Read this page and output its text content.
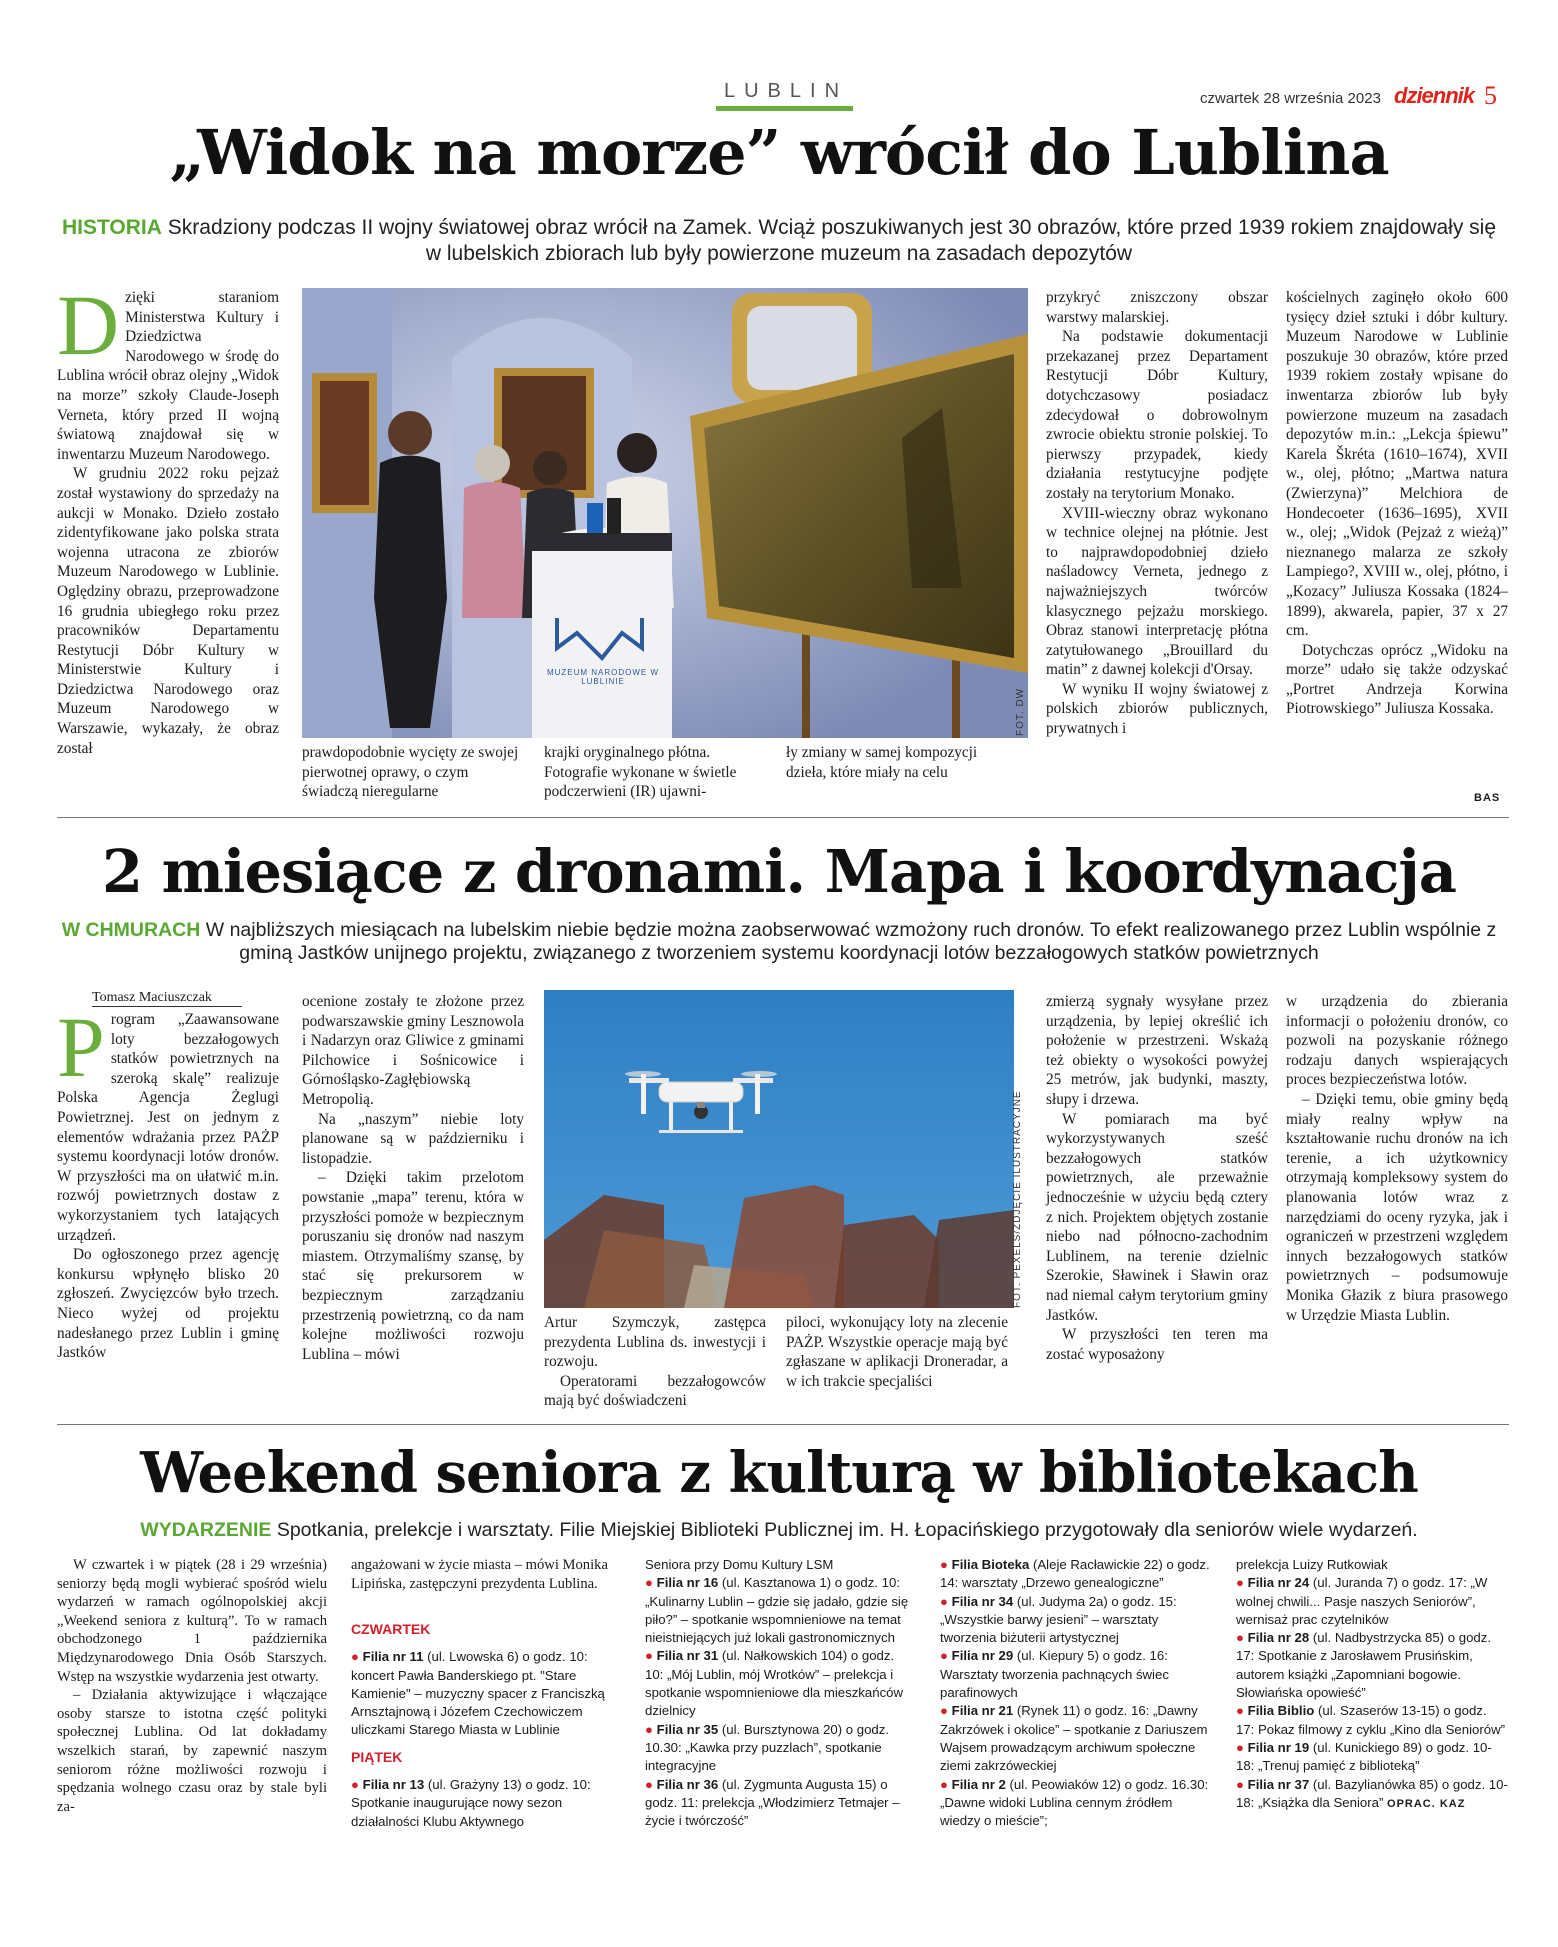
LUBLIN	czwartek 28 września 2023 dziennik 5
„Widok na morze” wrócił do Lublina
HISTORIA Skradziony podczas II wojny światowej obraz wrócił na Zamek. Wciąż poszukiwanych jest 30 obrazów, które przed 1939 rokiem znajdowały się w lubelskich zbiorach lub były powierzone muzeum na zasadach depozytów

Dzięki staraniom Ministerstwa Kultury i Dziedzictwa Narodowego w środę do Lublina wrócił obraz olejny „Widok na morze” szkoły Claude-Joseph Verneta, który przed II wojną światową znajdował się w inwentarzu Muzeum Narodowego.

W grudniu 2022 roku pejzaż został wystawiony do sprzedaży na aukcji w Monako. Dzieło zostało zidentyfikowane jako polska strata wojenna utracona ze zbiorów Muzeum Narodowego w Lublinie. Oględziny obrazu, przeprowadzone 16 grudnia ubiegłego roku przez pracowników Departamentu Restytucji Dóbr Kultury w Ministerstwie Kultury i Dziedzictwa Narodowego oraz Muzeum Narodowego w Warszawie, wykazały, że obraz został

MUZEUM NARODOWE W LUBLINIE
FOT. DW
prawdopodobnie wycięty ze swojej pierwotnej oprawy, o czym świadczą nieregularne
krajki oryginalnego płótna. Fotografie wykonane w świetle podczerwieni (IR) ujawni-
ły zmiany w samej kompozycji dzieła, które miały na celu

przykryć zniszczony obszar warstwy malarskiej.

Na podstawie dokumentacji przekazanej przez Departament Restytucji Dóbr Kultury, dotychczasowy posiadacz zdecydował o dobrowolnym zwrocie obiektu stronie polskiej. To pierwszy przypadek, kiedy działania restytucyjne podjęte zostały na terytorium Monako.

XVIII-wieczny obraz wykonano w technice olejnej na płótnie. Jest to najprawdopodobniej dzieło naśladowcy Verneta, jednego z najważniejszych twórców klasycznego pejzażu morskiego. Obraz stanowi interpretację płótna zatytułowanego „Brouillard du matin” z dawnej kolekcji d'Orsay.

W wyniku II wojny światowej z polskich zbiorów publicznych, prywatnych i

kościelnych zaginęło około 600 tysięcy dzieł sztuki i dóbr kultury. Muzeum Narodowe w Lublinie poszukuje 30 obrazów, które przed 1939 rokiem zostały wpisane do inwentarza zbiorów lub były powierzone muzeum na zasadach depozytów m.in.: „Lekcja śpiewu” Karela Škréta (1610–1674), XVII w., olej, płótno; „Martwa natura (Zwierzyna)” Melchiora de Hondecoeter (1636–1695), XVII w., olej; „Widok (Pejzaż z wieżą)” nieznanego malarza ze szkoły Lampiego?, XVIII w., olej, płótno, i „Kozacy” Juliusza Kossaka (1824–1899), akwarela, papier, 37 x 27 cm.

Dotychczas oprócz „Widoku na morze” udało się także odzyskać „Portret Andrzeja Korwina Piotrowskiego” Juliusza Kossaka.

BAS
2 miesiące z dronami. Mapa i koordynacja
W CHMURACH W najbliższych miesiącach na lubelskim niebie będzie można zaobserwować wzmożony ruch dronów. To efekt realizowanego przez Lublin wspólnie z gminą Jastków unijnego projektu, związanego z tworzeniem systemu koordynacji lotów bezzałogowych statków powietrznych
Tomasz Maciuszczak

Program „Zaawansowane loty bezzałogowych statków powietrznych na szeroką skalę” realizuje Polska Agencja Żeglugi Powietrznej. Jest on jednym z elementów wdrażania przez PAŻP systemu koordynacji lotów dronów. W przyszłości ma on ułatwić m.in. rozwój powietrznych dostaw z wykorzystaniem tych latających urządzeń.

Do ogłoszonego przez agencję konkursu wpłynęło blisko 20 zgłoszeń. Zwycięzców było trzech. Nieco wyżej od projektu nadesłanego przez Lublin i gminę Jastków

ocenione zostały te złożone przez podwarszawskie gminy Lesznowola i Nadarzyn oraz Gliwice z gminami Pilchowice i Sośnicowice i Górnośląsko-Zagłębiowską Metropolią.

Na „naszym” niebie loty planowane są w październiku i listopadzie.

– Dzięki takim przelotom powstanie „mapa” terenu, która w przyszłości pomoże w bezpiecznym poruszaniu się dronów nad naszym miastem. Otrzymaliśmy szansę, by stać się prekursorem w bezpiecznym zarządzaniu przestrzenią powietrzną, co da nam kolejne możliwości rozwoju Lublina – mówi

FOT. PEXELS/ZDJĘCIE ILUSTRACYJNE
Artur Szymczyk, zastępca prezydenta Lublina ds. inwestycji i rozwoju.
Operatorami bezzałogowców mają być doświadczeni
piloci, wykonujący loty na zlecenie PAŻP. Wszystkie operacje mają być zgłaszane w aplikacji Droneradar, a w ich trakcie specjaliści

zmierzą sygnały wysyłane przez urządzenia, by lepiej określić ich położenie w przestrzeni. Wskażą też obiekty o wysokości powyżej 25 metrów, jak budynki, maszty, słupy i drzewa.

W pomiarach ma być wykorzystywanych sześć bezzałogowych statków powietrznych, ale przeważnie jednocześnie w użyciu będą cztery z nich. Projektem objętych zostanie niebo nad północno-zachodnim Lublinem, na terenie dzielnic Szerokie, Sławinek i Sławin oraz nad niemal całym terytorium gminy Jastków.

W przyszłości ten teren ma zostać wyposażony

w urządzenia do zbierania informacji o położeniu dronów, co pozwoli na pozyskanie różnego rodzaju danych wspierających proces bezpieczeństwa lotów.

– Dzięki temu, obie gminy będą miały realny wpływ na kształtowanie ruchu dronów na ich terenie, a ich użytkownicy otrzymają kompleksowy system do planowania lotów wraz z narzędziami do oceny ryzyka, jak i ograniczeń w przestrzeni względem innych bezzałogowych statków powietrznych – podsumowuje Monika Głazik z biura prasowego w Urzędzie Miasta Lublin.

Weekend seniora z kulturą w bibliotekach
WYDARZENIE Spotkania, prelekcje i warsztaty. Filie Miejskiej Biblioteki Publicznej im. H. Łopacińskiego przygotowały dla seniorów wiele wydarzeń.

W czwartek i w piątek (28 i 29 września) seniorzy będą mogli wybierać spośród wielu wydarzeń w ramach ogólnopolskiej akcji „Weekend seniora z kulturą”. To w ramach obchodzonego 1 października Międzynarodowego Dnia Osób Starszych. Wstęp na wszystkie wydarzenia jest otwarty.

– Działania aktywizujące i włączające osoby starsze to istotna część polityki społecznej Lublina. Od lat dokładamy wszelkich starań, by zapewnić naszym seniorom różne możliwości rozwoju i spędzania wolnego czasu oraz by stale byli za-

angażowani w życie miasta – mówi Monika Lipińska, zastępczyni prezydenta Lublina.

CZWARTEK

● Filia nr 11 (ul. Lwowska 6) o godz. 10: koncert Pawła Banderskiego pt. "Stare Kamienie" – muzyczny spacer z Franciszką Arnsztajnową i Józefem Czechowiczem uliczkami Starego Miasta w Lublinie

PIĄTEK

● Filia nr 13 (ul. Grażyny 13) o godz. 10: Spotkanie inaugurujące nowy sezon działalności Klubu Aktywnego

Seniora przy Domu Kultury LSM

● Filia nr 16 (ul. Kasztanowa 1) o godz. 10: „Kulinarny Lublin – gdzie się jadało, gdzie się piło?” – spotkanie wspomnieniowe na temat nieistniejących już lokali gastronomicznych

● Filia nr 31 (ul. Nałkowskich 104) o godz. 10: „Mój Lublin, mój Wrotków” – prelekcja i spotkanie wspomnieniowe dla mieszkańców dzielnicy

● Filia nr 35 (ul. Bursztynowa 20) o godz. 10.30: „Kawka przy puzzlach”, spotkanie integracyjne

● Filia nr 36 (ul. Zygmunta Augusta 15) o godz. 11: prelekcja „Włodzimierz Tetmajer – życie i twórczość”

● Filia Bioteka (Aleje Racławickie 22) o godz. 14: warsztaty „Drzewo genealogiczne”

● Filia nr 34 (ul. Judyma 2a) o godz. 15: „Wszystkie barwy jesieni” – warsztaty tworzenia biżuterii artystycznej

● Filia nr 29 (ul. Kiepury 5) o godz. 16: Warsztaty tworzenia pachnących świec parafinowych

● Filia nr 21 (Rynek 11) o godz. 16: „Dawny Zakrzówek i okolice” – spotkanie z Dariuszem Wajsem prowadzącym archiwum społeczne ziemi zakrzóweckiej

● Filia nr 2 (ul. Peowiaków 12) o godz. 16.30: „Dawne widoki Lublina cennym źródłem wiedzy o mieście”;

prelekcja Luizy Rutkowiak

● Filia nr 24 (ul. Juranda 7) o godz. 17: „W wolnej chwili... Pasje naszych Seniorów”, wernisaż prac czytelników

● Filia nr 28 (ul. Nadbystrzycka 85) o godz. 17: Spotkanie z Jarosławem Prusińskim, autorem książki „Zapomniani bogowie. Słowiańska opowieść”

● Filia Biblio (ul. Szaserów 13-15) o godz. 17: Pokaz filmowy z cyklu „Kino dla Seniorów”

● Filia nr 19 (ul. Kunickiego 89) o godz. 10-18: „Trenuj pamięć z biblioteką”

● Filia nr 37 (ul. Bazylianówka 85) o godz. 10-18: „Książka dla Seniora” OPRAC. KAZ
